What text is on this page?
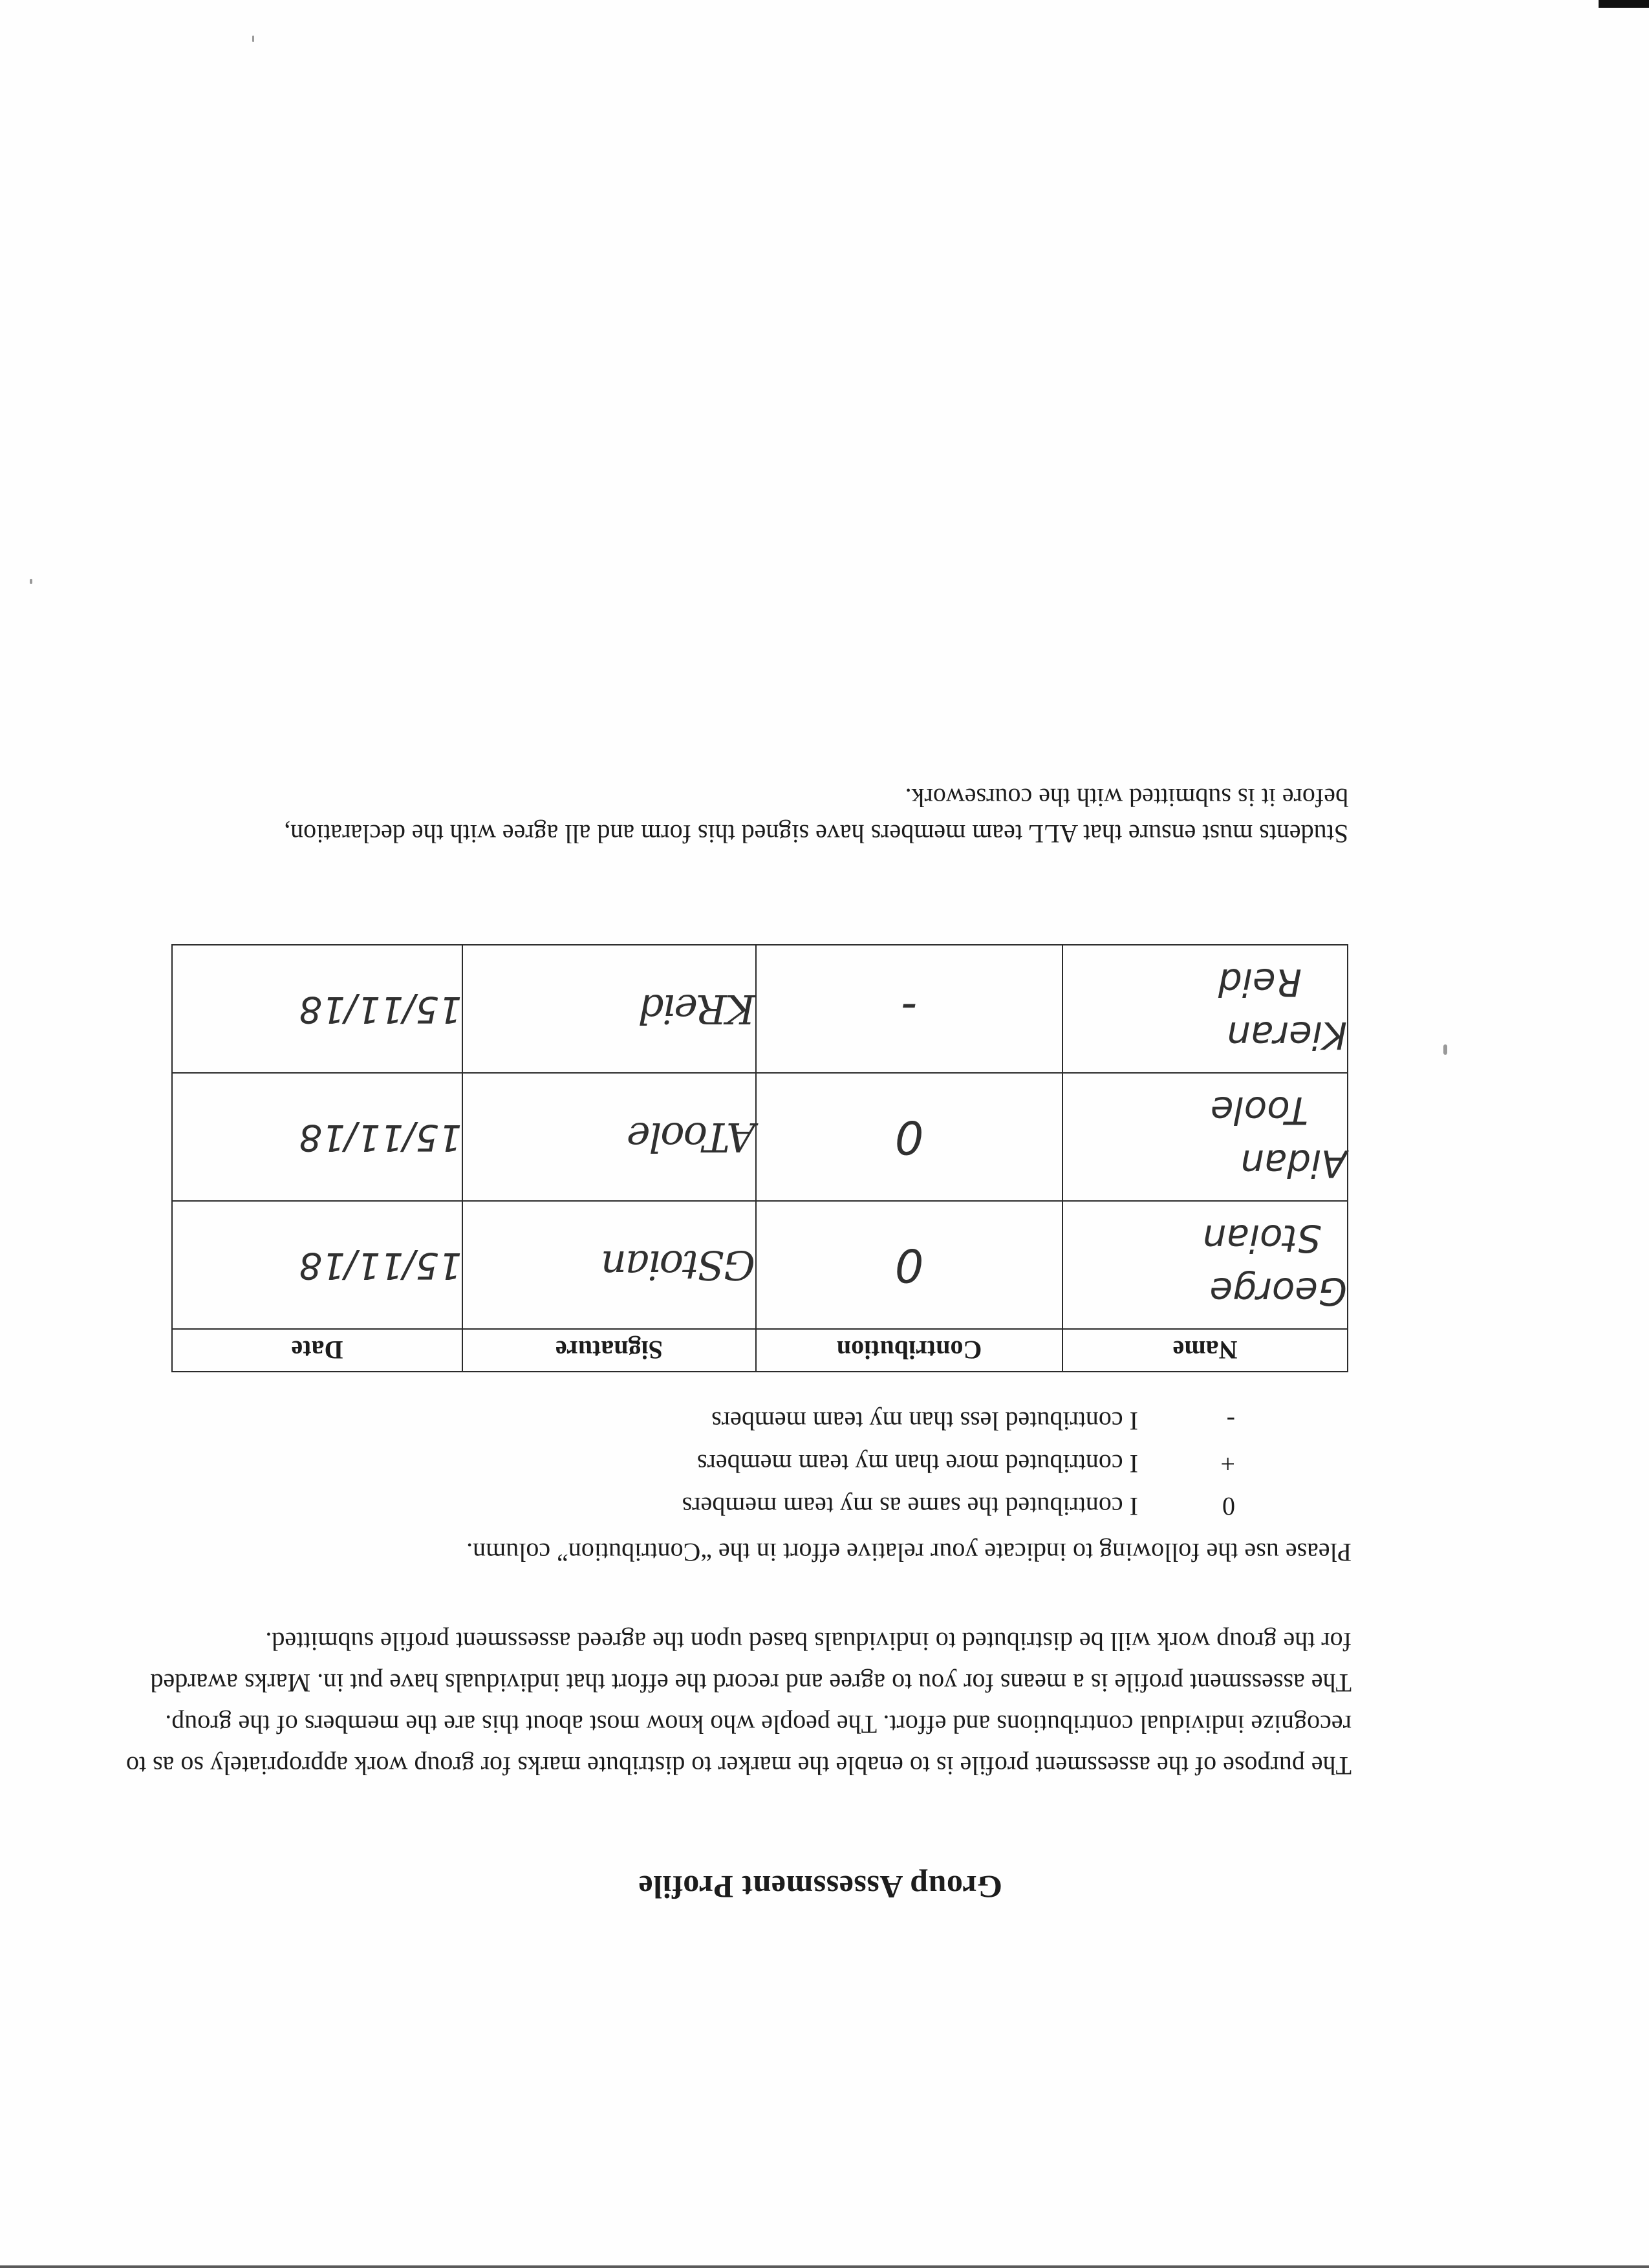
Group Assessment Profile

The purpose of the assessment profile is to enable the marker to distribute marks for group work appropriately so as to recognize individual contributions and effort. The people who know most about this are the members of the group. The assessment profile is a means for you to agree and record the effort that individuals have put in. Marks awarded for the group work will be distributed to individuals based upon the agreed assessment profile submitted.

Please use the following to indicate your relative effort in the “Contribution” column.

0
I contributed the same as my team members
+
I contributed more than my team members
-
I contributed less than my team members
Name	Contribution	Signature	Date

George
Stoian	0	GStoian	15/11/18

Aidan
Toole	0	AToole	15/11/18

Kieran
Reid	-	KReid	15/11/18
Students must ensure that ALL team members have signed this form and all agree with the declaration,
before it is submitted with the coursework.
